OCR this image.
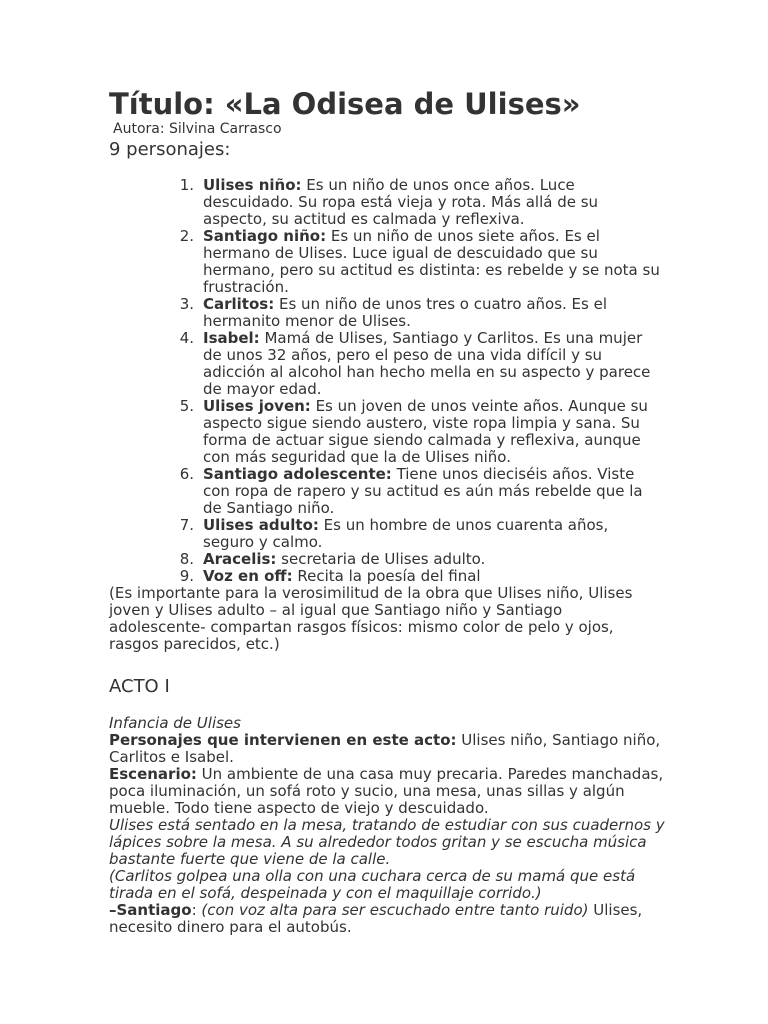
Título: «La Odisea de Ulises»
Autora: Silvina Carrasco
9 personajes:
1. Ulises niño: Es un niño de unos once años. Luce descuidado. Su ropa está vieja y rota. Más allá de su aspecto, su actitud es calmada y reflexiva.
2. Santiago niño: Es un niño de unos siete años. Es el hermano de Ulises. Luce igual de descuidado que su hermano, pero su actitud es distinta: es rebelde y se nota su frustración.
3. Carlitos: Es un niño de unos tres o cuatro años. Es el hermanito menor de Ulises.
4. Isabel: Mamá de Ulises, Santiago y Carlitos. Es una mujer de unos 32 años, pero el peso de una vida difícil y su adicción al alcohol han hecho mella en su aspecto y parece de mayor edad.
5. Ulises joven: Es un joven de unos veinte años. Aunque su aspecto sigue siendo austero, viste ropa limpia y sana. Su forma de actuar sigue siendo calmada y reflexiva, aunque con más seguridad que la de Ulises niño.
6. Santiago adolescente: Tiene unos dieciséis años. Viste con ropa de rapero y su actitud es aún más rebelde que la de Santiago niño.
7. Ulises adulto: Es un hombre de unos cuarenta años, seguro y calmo.
8. Aracelis: secretaria de Ulises adulto.
9. Voz en off: Recita la poesía del final
(Es importante para la verosimilitud de la obra que Ulises niño, Ulises joven y Ulises adulto – al igual que Santiago niño y Santiago adolescente- compartan rasgos físicos: mismo color de pelo y ojos, rasgos parecidos, etc.)
ACTO I

Infancia de Ulises

Personajes que intervienen en este acto: Ulises niño, Santiago niño, Carlitos e Isabel.

Escenario: Un ambiente de una casa muy precaria. Paredes manchadas, poca iluminación, un sofá roto y sucio, una mesa, unas sillas y algún mueble. Todo tiene aspecto de viejo y descuidado.

Ulises está sentado en la mesa, tratando de estudiar con sus cuadernos y lápices sobre la mesa. A su alrededor todos gritan y se escucha música bastante fuerte que viene de la calle.

(Carlitos golpea una olla con una cuchara cerca de su mamá que está tirada en el sofá, despeinada y con el maquillaje corrido.)

–Santiago: (con voz alta para ser escuchado entre tanto ruido) Ulises, necesito dinero para el autobús.
